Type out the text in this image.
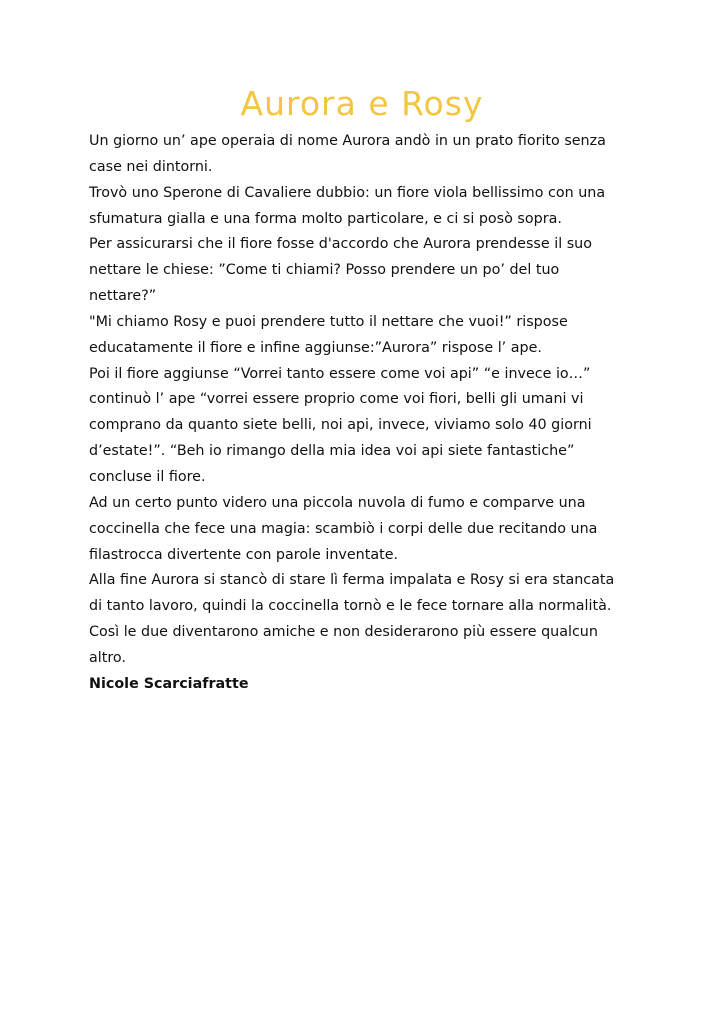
Aurora e Rosy
Un giorno un’ ape operaia di nome Aurora andò in un prato fiorito senza
case nei dintorni.
Trovò uno Sperone di Cavaliere dubbio: un fiore viola bellissimo con una
sfumatura gialla e una forma molto particolare, e ci si posò sopra.
Per assicurarsi che il fiore fosse d'accordo che Aurora prendesse il suo
nettare le chiese: ”Come ti chiami? Posso prendere un po’ del tuo
nettare?”
"Mi chiamo Rosy e puoi prendere tutto il nettare che vuoi!” rispose
educatamente il fiore e infine aggiunse:”Aurora” rispose l’ ape.
Poi il fiore aggiunse “Vorrei tanto essere come voi api” “e invece io…”
continuò l’ ape “vorrei essere proprio come voi fiori, belli gli umani vi
comprano da quanto siete belli, noi api, invece, viviamo solo 40 giorni
d’estate!”. “Beh io rimango della mia idea voi api siete fantastiche”
concluse il fiore.
Ad un certo punto videro una piccola nuvola di fumo e comparve una
coccinella che fece una magia: scambiò i corpi delle due recitando una
filastrocca divertente con parole inventate.
Alla fine Aurora si stancò di stare lì ferma impalata e Rosy si era stancata
di tanto lavoro, quindi la coccinella tornò e le fece tornare alla normalità.
Così le due diventarono amiche e non desiderarono più essere qualcun
altro.
Nicole Scarciafratte
